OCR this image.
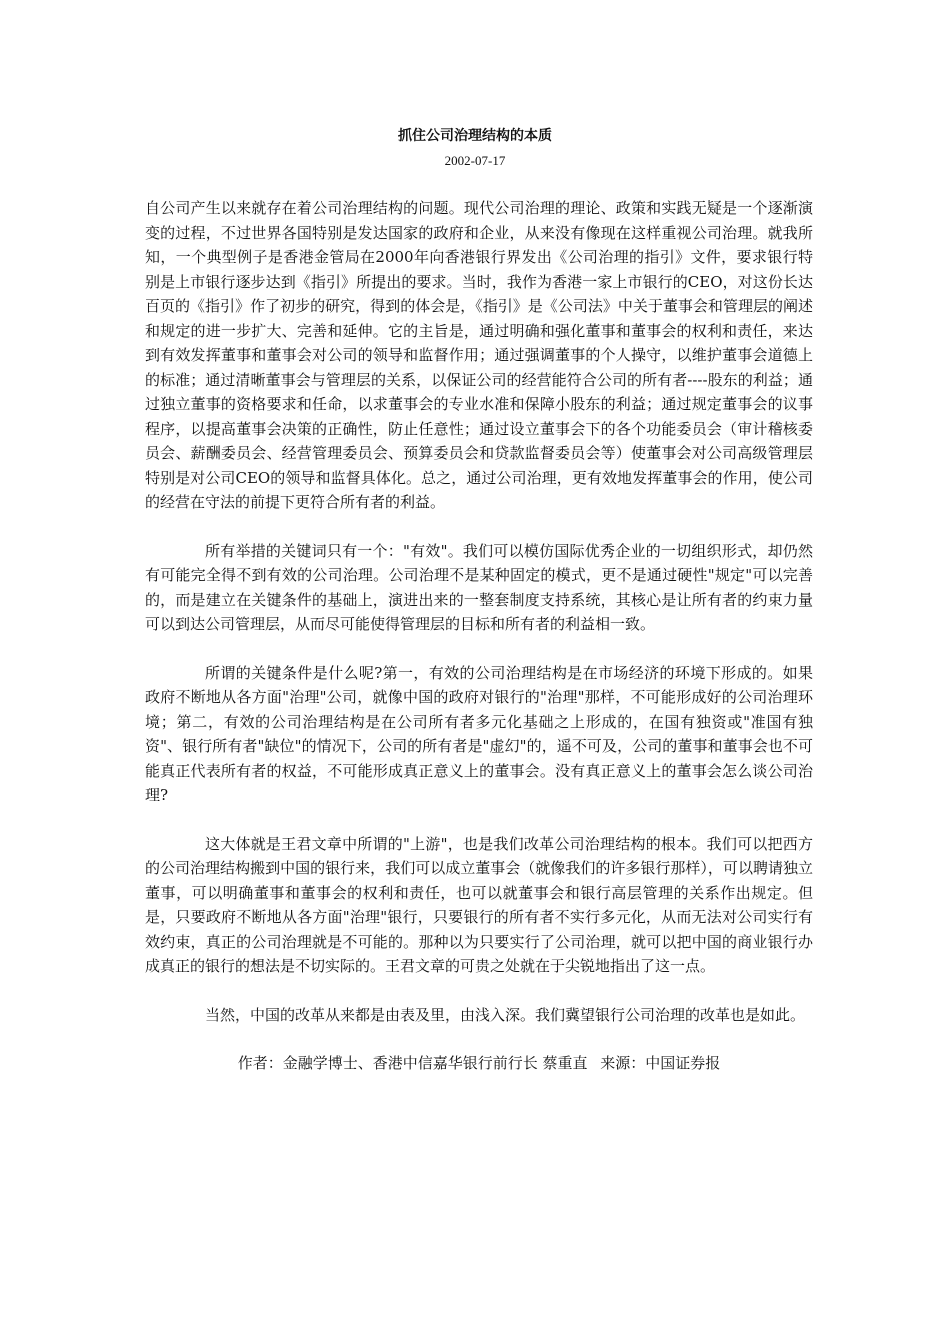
抓住公司治理结构的本质
2002-07-17

自公司产生以来就存在着公司治理结构的问题。现代公司治理的理论、政策和实践无疑是一个逐渐演变的过程，不过世界各国特别是发达国家的政府和企业，从来没有像现在这样重视公司治理。就我所知，一个典型例子是香港金管局在2000年向香港银行界发出《公司治理的指引》文件，要求银行特别是上市银行逐步达到《指引》所提出的要求。当时，我作为香港一家上市银行的CEO，对这份长达百页的《指引》作了初步的研究，得到的体会是，《指引》是《公司法》中关于董事会和管理层的阐述和规定的进一步扩大、完善和延伸。它的主旨是，通过明确和强化董事和董事会的权利和责任，来达到有效发挥董事和董事会对公司的领导和监督作用；通过强调董事的个人操守，以维护董事会道德上的标准；通过清晰董事会与管理层的关系，以保证公司的经营能符合公司的所有者----股东的利益；通过独立董事的资格要求和任命，以求董事会的专业水准和保障小股东的利益；通过规定董事会的议事程序，以提高董事会决策的正确性，防止任意性；通过设立董事会下的各个功能委员会（审计稽核委员会、薪酬委员会、经营管理委员会、预算委员会和贷款监督委员会等）使董事会对公司高级管理层特别是对公司CEO的领导和监督具体化。总之，通过公司治理，更有效地发挥董事会的作用，使公司的经营在守法的前提下更符合所有者的利益。

所有举措的关键词只有一个："有效"。我们可以模仿国际优秀企业的一切组织形式，却仍然有可能完全得不到有效的公司治理。公司治理不是某种固定的模式，更不是通过硬性"规定"可以完善的，而是建立在关键条件的基础上，演进出来的一整套制度支持系统，其核心是让所有者的约束力量可以到达公司管理层，从而尽可能使得管理层的目标和所有者的利益相一致。

所谓的关键条件是什么呢?第一，有效的公司治理结构是在市场经济的环境下形成的。如果政府不断地从各方面"治理"公司，就像中国的政府对银行的"治理"那样，不可能形成好的公司治理环境；第二，有效的公司治理结构是在公司所有者多元化基础之上形成的，在国有独资或"准国有独资"、银行所有者"缺位"的情况下，公司的所有者是"虚幻"的，遥不可及，公司的董事和董事会也不可能真正代表所有者的权益，不可能形成真正意义上的董事会。没有真正意义上的董事会怎么谈公司治理?

这大体就是王君文章中所谓的"上游"，也是我们改革公司治理结构的根本。我们可以把西方的公司治理结构搬到中国的银行来，我们可以成立董事会（就像我们的许多银行那样），可以聘请独立董事，可以明确董事和董事会的权利和责任，也可以就董事会和银行高层管理的关系作出规定。但是，只要政府不断地从各方面"治理"银行，只要银行的所有者不实行多元化，从而无法对公司实行有效约束，真正的公司治理就是不可能的。那种以为只要实行了公司治理，就可以把中国的商业银行办成真正的银行的想法是不切实际的。王君文章的可贵之处就在于尖锐地指出了这一点。

当然，中国的改革从来都是由表及里，由浅入深。我们冀望银行公司治理的改革也是如此。

作者：金融学博士、香港中信嘉华银行前行长 蔡重直 来源：中国证券报
